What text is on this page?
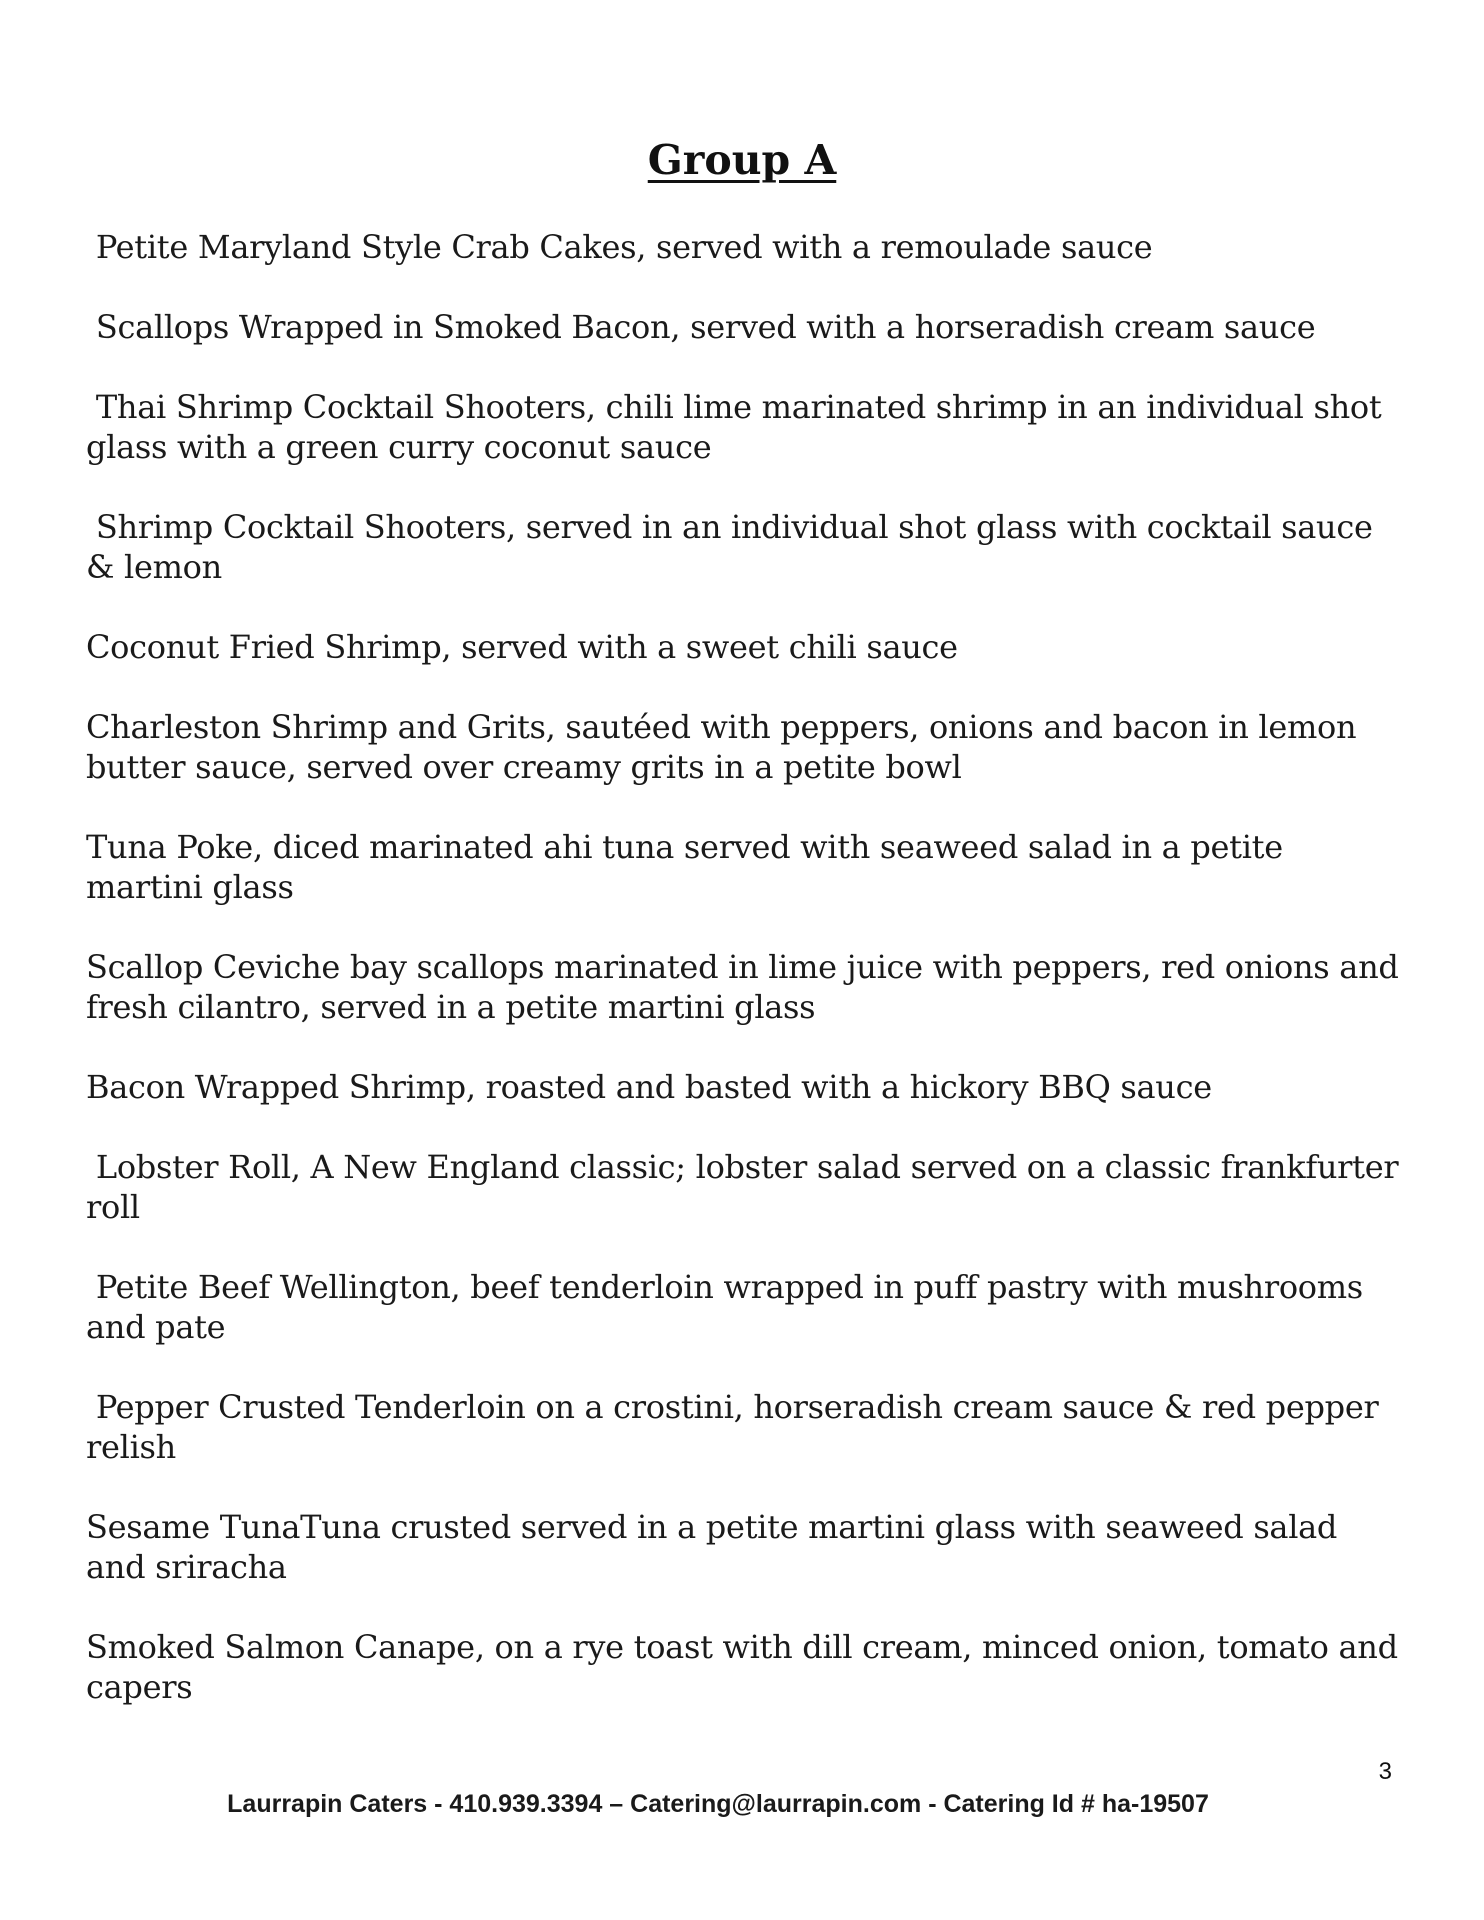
Group A
Petite Maryland Style Crab Cakes, served with a remoulade sauce
Scallops Wrapped in Smoked Bacon, served with a horseradish cream sauce
Thai Shrimp Cocktail Shooters, chili lime marinated shrimp in an individual shot glass with a green curry coconut sauce
Shrimp Cocktail Shooters, served in an individual shot glass with cocktail sauce & lemon
Coconut Fried Shrimp, served with a sweet chili sauce
Charleston Shrimp and Grits, sautéed with peppers, onions and bacon in lemon butter sauce, served over creamy grits in a petite bowl
Tuna Poke, diced marinated ahi tuna served with seaweed salad in a petite martini glass
Scallop Ceviche bay scallops marinated in lime juice with peppers, red onions and fresh cilantro, served in a petite martini glass
Bacon Wrapped Shrimp, roasted and basted with a hickory BBQ sauce
Lobster Roll, A New England classic; lobster salad served on a classic frankfurter roll
Petite Beef Wellington, beef tenderloin wrapped in puff pastry with mushrooms and pate
Pepper Crusted Tenderloin on a crostini, horseradish cream sauce & red pepper relish
Sesame TunaTuna crusted served in a petite martini glass with seaweed salad and sriracha
Smoked Salmon Canape, on a rye toast with dill cream, minced onion, tomato and capers
3
Laurrapin Caters - 410.939.3394 – Catering@laurrapin.com - Catering Id # ha-19507
